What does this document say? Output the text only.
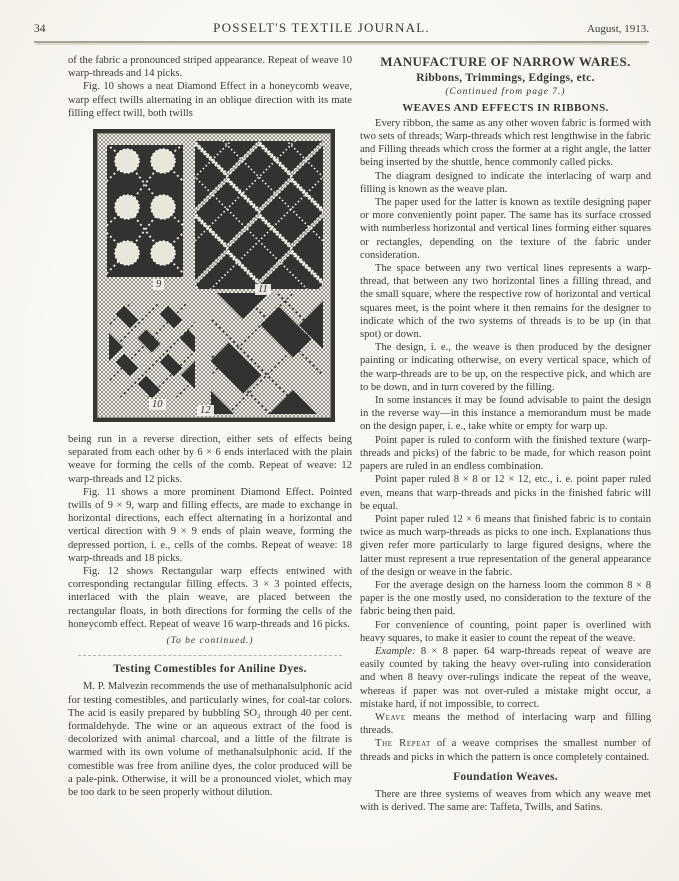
34	POSSELT'S TEXTILE JOURNAL.	August, 1913.

of the fabric a pronounced striped appearance. Repeat of weave 10 warp-threads and 14 picks.

Fig. 10 shows a neat Diamond Effect in a honeycomb weave, warp effect twills alternating in an oblique direction with its mate filling effect twill, both twills

9	11
10
12

being run in a reverse direction, either sets of effects being separated from each other by 6 × 6 ends interlaced with the plain weave for forming the cells of the comb. Repeat of weave: 12 warp-threads and 12 picks.

Fig. 11 shows a more prominent Diamond Effect. Pointed twills of 9 × 9, warp and filling effects, are made to exchange in horizontal directions, each effect alternating in a horizontal and vertical direction with 9 × 9 ends of plain weave, forming the depressed portion, i. e., cells of the combs. Repeat of weave: 18 warp-threads and 18 picks.

Fig. 12 shows Rectangular warp effects entwined with corresponding rectangular filling effects. 3 × 3 pointed effects, interlaced with the plain weave, are placed between the rectangular floats, in both directions for forming the cells of the honeycomb effect. Repeat of weave 16 warp-threads and 16 picks.

(To be continued.)

Testing Comestibles for Aniline Dyes.

M. P. Malvezin recommends the use of methanalsulphonic acid for testing comestibles, and particularly wines, for coal-tar colors. The acid is easily prepared by bubbling SO₂ through 40 per cent. formaldehyde. The wine or an aqueous extract of the food is decolorized with animal charcoal, and a little of the filtrate is warmed with its own volume of methanalsulphonic acid. If the comestible was free from aniline dyes, the color produced will be a pale-pink. Otherwise, it will be a pronounced violet, which may be too dark to be seen properly without dilution.

MANUFACTURE OF NARROW WARES.
Ribbons, Trimmings, Edgings, etc.

(Continued from page 7.)

WEAVES AND EFFECTS IN RIBBONS.

Every ribbon, the same as any other woven fabric is formed with two sets of threads; Warp-threads which rest lengthwise in the fabric and Filling threads which cross the former at a right angle, the latter being inserted by the shuttle, hence commonly called picks.

The diagram designed to indicate the interlacing of warp and filling is known as the weave plan.

The paper used for the latter is known as textile designing paper or more conveniently point paper. The same has its surface crossed with numberless horizontal and vertical lines forming either squares or rectangles, depending on the texture of the fabric under consideration.

The space between any two vertical lines represents a warp-thread, that between any two horizontal lines a filling thread, and the small square, where the respective row of horizontal and vertical squares meet, is the point where it then remains for the designer to indicate which of the two systems of threads is to be up (in that spot) or down.

The design, i. e., the weave is then produced by the designer painting or indicating otherwise, on every vertical space, which of the warp-threads are to be up, on the respective pick, and which are to be down, and in turn covered by the filling.

In some instances it may be found advisable to paint the design in the reverse way—in this instance a memorandum must be made on the design paper, i. e., take white or empty for warp up.

Point paper is ruled to conform with the finished texture (warp-threads and picks) of the fabric to be made, for which reason point papers are ruled in an endless combination.

Point paper ruled 8 × 8 or 12 × 12, etc., i. e. point paper ruled even, means that warp-threads and picks in the finished fabric will be equal.

Point paper ruled 12 × 6 means that finished fabric is to contain twice as much warp-threads as picks to one inch. Explanations thus given refer more particularly to large figured designs, where the latter must represent a true representation of the general appearance of the design or weave in the fabric.

For the average design on the harness loom the common 8 × 8 paper is the one mostly used, no consideration to the texture of the fabric being then paid.

For convenience of counting, point paper is overlined with heavy squares, to make it easier to count the repeat of the weave.

Example: 8 × 8 paper. 64 warp-threads repeat of weave are easily counted by taking the heavy over-ruling into consideration and when 8 heavy over-rulings indicate the repeat of the weave, whereas if paper was not over-ruled a mistake might occur, a mistake hard, if not impossible, to correct.

Weave means the method of interlacing warp and filling threads.

The Repeat of a weave comprises the smallest number of threads and picks in which the pattern is once completely contained.

Foundation Weaves.

There are three systems of weaves from which any weave met with is derived. The same are: Taffeta, Twills, and Satins.
